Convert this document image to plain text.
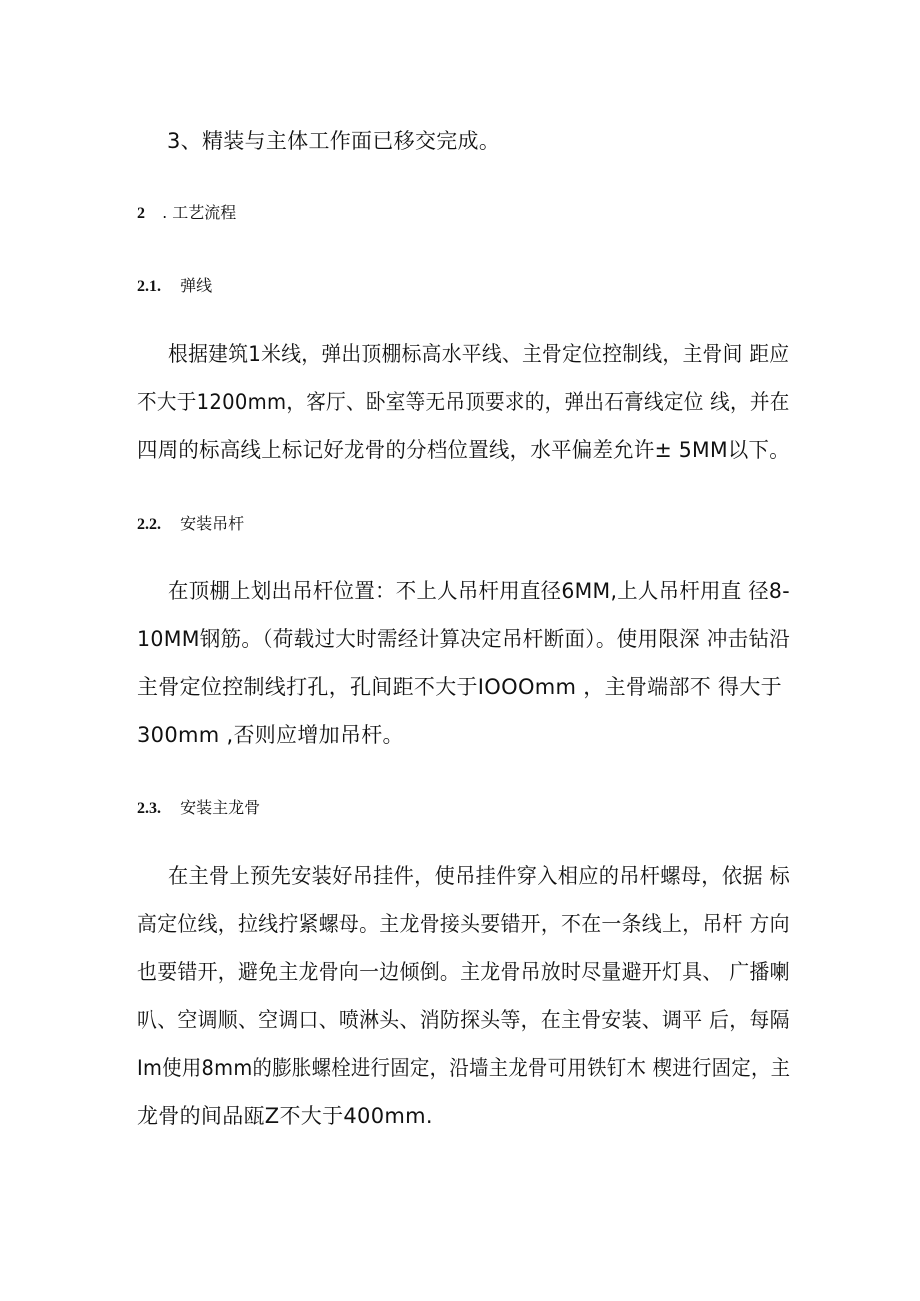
3、精装与主体工作面已移交完成。
2 . 工艺流程
2.1. 弹线
根据建筑1米线，弹出顶棚标高水平线、主骨定位控制线，主骨间 距应
不大于1200mm，客厅、卧室等无吊顶要求的，弹出石膏线定位 线，并在
四周的标高线上标记好龙骨的分档位置线，水平偏差允许± 5MM以下。
2.2. 安装吊杆
在顶棚上划出吊杆位置：不上人吊杆用直径6MM,上人吊杆用直 径8-
10MM钢筋。（荷载过大时需经计算决定吊杆断面）。使用限深 冲击钻沿
主骨定位控制线打孔，孔间距不大于IOOOmm ，主骨端部不 得大于
300mm ,否则应增加吊杆。
2.3. 安装主龙骨
在主骨上预先安装好吊挂件，使吊挂件穿入相应的吊杆螺母，依据 标
高定位线，拉线拧紧螺母。主龙骨接头要错开，不在一条线上，吊杆 方向
也要错开，避免主龙骨向一边倾倒。主龙骨吊放时尽量避开灯具、 广播喇
叭、空调顺、空调口、喷淋头、消防探头等，在主骨安装、调平 后，每隔
Im使用8mm的膨胀螺栓进行固定，沿墙主龙骨可用铁钉木 楔进行固定，主
龙骨的间品瓯Z不大于400mm.
